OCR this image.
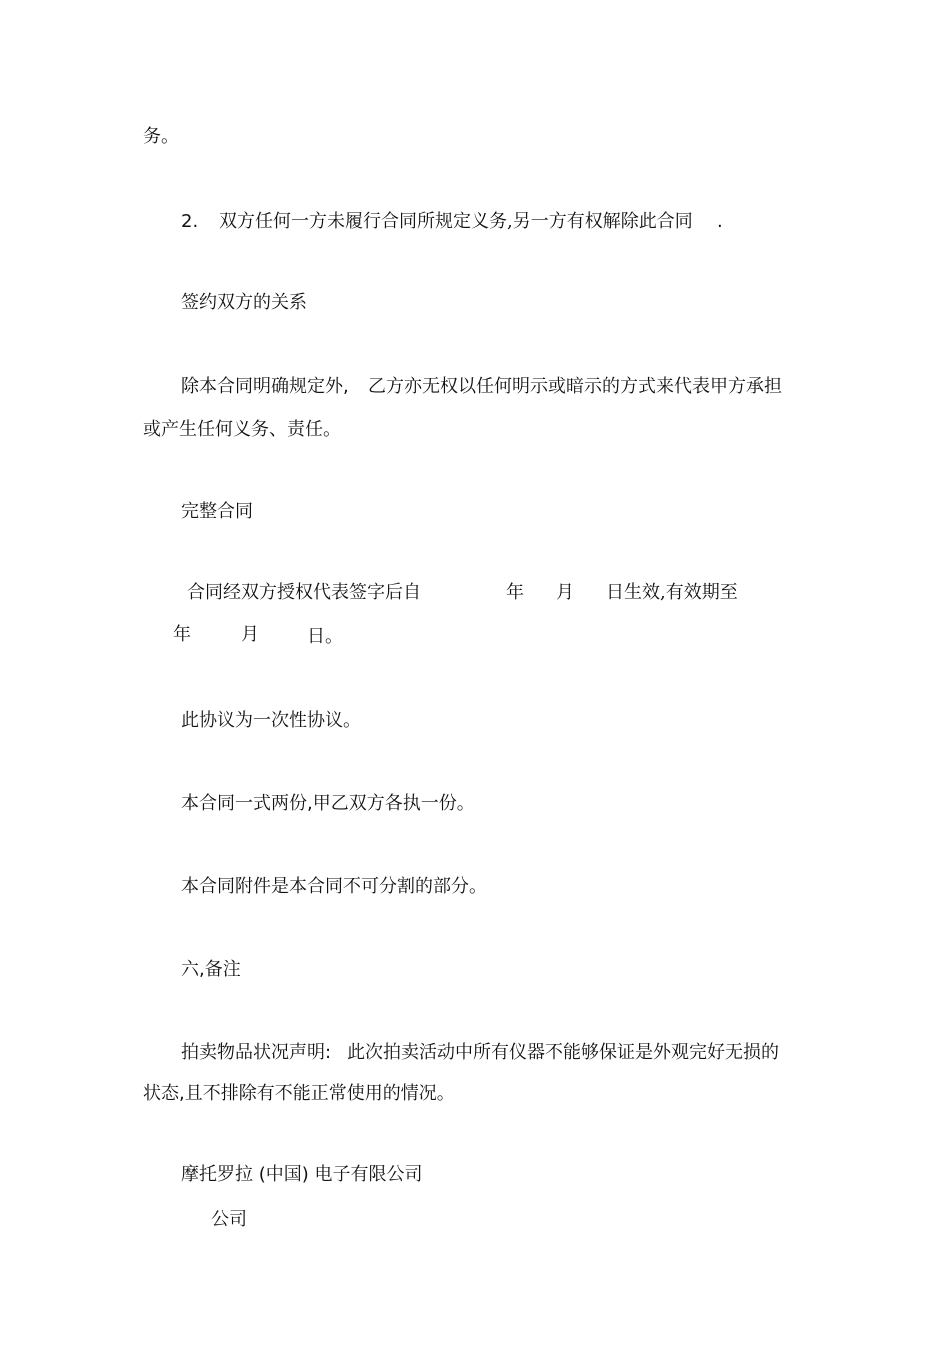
务。

2. 双方任何一方未履行合同所规定义务,另一方有权解除此合同 .

签约双方的关系

除本合同明确规定外, 乙方亦无权以任何明示或暗示的方式来代表甲方承担

或产生任何义务、责任。

完整合同

合同经双方授权代表签字后自	年 月 日生效,有效期至
年	月	日。

此协议为一次性协议。

本合同一式两份,甲乙双方各执一份。

本合同附件是本合同不可分割的部分。

六,备注

拍卖物品状况声明: 此次拍卖活动中所有仪器不能够保证是外观完好无损的

状态,且不排除有不能正常使用的情况。

摩托罗拉 (中国) 电子有限公司

公司
